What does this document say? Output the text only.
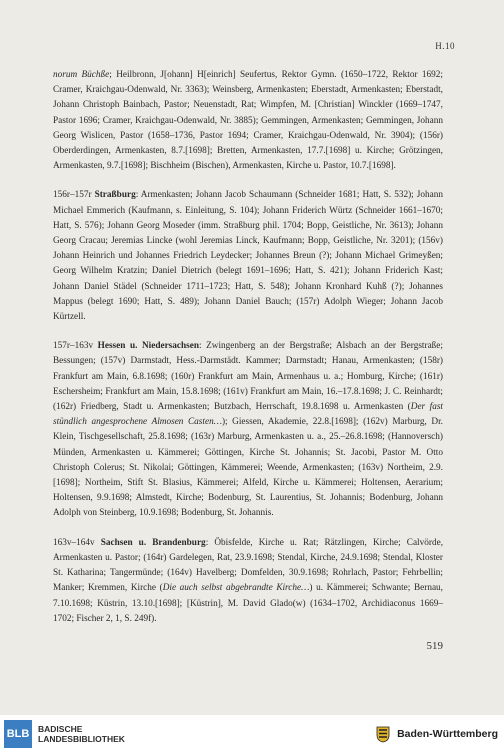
H.10

norum Büchße; Heilbronn, J[ohann] H[einrich] Seufertus, Rektor Gymn. (1650–1722, Rektor 1692; Cramer, Kraichgau-Odenwald, Nr. 3363); Weinsberg, Armenkasten; Eberstadt, Armenkasten; Eberstadt, Johann Christoph Bainbach, Pastor; Neuenstadt, Rat; Wimpfen, M. [Christian] Winckler (1669–1747, Pastor 1696; Cramer, Kraichgau-Odenwald, Nr. 3885); Gemmingen, Armenkasten; Gemmingen, Johann Georg Wislicen, Pastor (1658–1736, Pastor 1694; Cramer, Kraichgau-Odenwald, Nr. 3904); (156r) Oberderdingen, Armenkasten, 8.7.[1698]; Bretten, Armenkasten, 17.7.[1698] u. Kirche; Grötzingen, Armenkasten, 9.7.[1698]; Bischheim (Bischen), Armenkasten, Kirche u. Pastor, 10.7.[1698].

156r–157r Straßburg: Armenkasten; Johann Jacob Schaumann (Schneider 1681; Hatt, S. 532); Johann Michael Emmerich (Kaufmann, s. Einleitung, S. 104); Johann Friderich Würtz (Schneider 1661–1670; Hatt, S. 576); Johann Georg Moseder (imm. Straßburg phil. 1704; Bopp, Geistliche, Nr. 3613); Johann Georg Cracau; Jeremias Lincke (wohl Jeremias Linck, Kaufmann; Bopp, Geistliche, Nr. 3201); (156v) Johann Heinrich und Johannes Friedrich Leydecker; Johannes Breun (?); Johann Michael Grimeyßen; Georg Wilhelm Kratzin; Daniel Dietrich (belegt 1691–1696; Hatt, S. 421); Johann Friderich Kast; Johann Daniel Städel (Schneider 1711–1723; Hatt, S. 548); Johann Kronhard Kuhß (?); Johannes Mappus (belegt 1690; Hatt, S. 489); Johann Daniel Bauch; (157r) Adolph Wieger; Johann Jacob Kürtzell.

157r–163v Hessen u. Niedersachsen: Zwingenberg an der Bergstraße; Alsbach an der Bergstraße; Bessungen; (157v) Darmstadt, Hess.-Darmstädt. Kammer; Darmstadt; Hanau, Armenkasten; (158r) Frankfurt am Main, 6.8.1698; (160r) Frankfurt am Main, Armenhaus u. a.; Homburg, Kirche; (161r) Eschersheim; Frankfurt am Main, 15.8.1698; (161v) Frankfurt am Main, 16.–17.8.1698; J. C. Reinhardt; (162r) Friedberg, Stadt u. Armenkasten; Butzbach, Herrschaft, 19.8.1698 u. Armenkasten (Der fast stündlich angesprochene Almosen Casten…); Giessen, Akademie, 22.8.[1698]; (162v) Marburg, Dr. Klein, Tischgesellschaft, 25.8.1698; (163r) Marburg, Armenkasten u. a., 25.–26.8.1698; (Hannoversch) Münden, Armenkasten u. Kämmerei; Göttingen, Kirche St. Johannis; St. Jacobi, Pastor M. Otto Christoph Colerus; St. Nikolai; Göttingen, Kämmerei; Weende, Armenkasten; (163v) Northeim, 2.9.[1698]; Northeim, Stift St. Blasius, Kämmerei; Alfeld, Kirche u. Kämmerei; Holtensen, Aerarium; Holtensen, 9.9.1698; Almstedt, Kirche; Bodenburg, St. Laurentius, St. Johannis; Bodenburg, Johann Adolph von Steinberg, 10.9.1698; Bodenburg, St. Johannis.

163v–164v Sachsen u. Brandenburg: Öbisfelde, Kirche u. Rat; Rätzlingen, Kirche; Calvörde, Armenkasten u. Pastor; (164r) Gardelegen, Rat, 23.9.1698; Stendal, Kirche, 24.9.1698; Stendal, Kloster St. Katharina; Tangermünde; (164v) Havelberg; Domfelden, 30.9.1698; Rohrlach, Pastor; Fehrbellin; Manker; Kremmen, Kirche (Die auch selbst abgebrandte Kirche…) u. Kämmerei; Schwante; Bernau, 7.10.1698; Küstrin, 13.10.[1698]; [Küstrin], M. David Glado(w) (1634–1702, Archidiaconus 1669–1702; Fischer 2, 1, S. 249f).

519
BLB	BADISCHE
LANDESBIBLIOTHEK	Baden-Württemberg
